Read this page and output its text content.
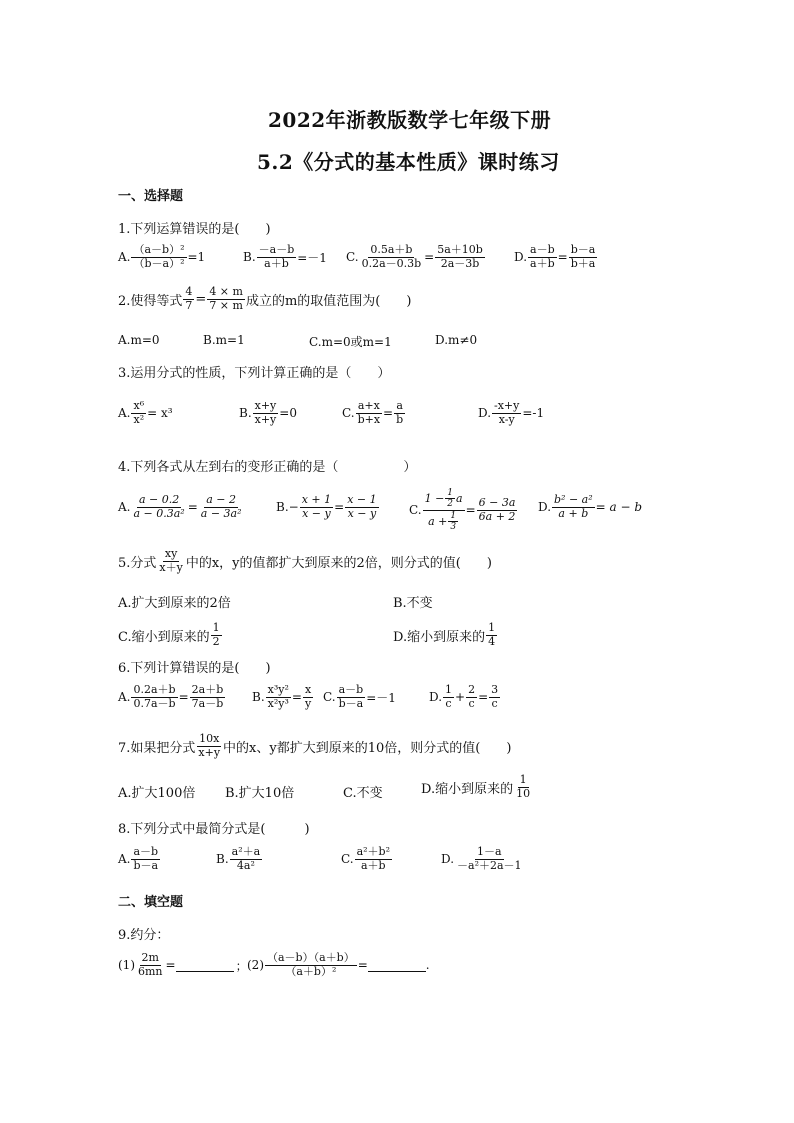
2022年浙教版数学七年级下册
5.2《分式的基本性质》课时练习
一、选择题
1.下列运算错误的是(　　)
A. $\frac{\text{（a－b）²}}{\text{（b－a）²}} =1$	B. $\frac{-a-b}{a+b} =-1$ C. $\frac{0.5a+b}{0.2a-0.3b} = \frac{5a+10b}{2a-3b} D$. $\frac{a-b}{a+b} = \frac{b-a}{b+a}$
2.使得等式 $\frac{4}{7} = \frac{4 \times m}{7 \times m}$ 成立的m的取值范围为(　　)
A.m=0	B.m=1	C.m=0或m=1	D.m≠0
3.运用分式的性质，下列计算正确的是（　　）
A. $\frac{\text{x⁶}}{\text{x²}} = x^3$	B. $\frac{x+y}{x+y} =0$	C. $\frac{a+x}{b+x} = \frac{a}{b}$	D. $\frac{-x+y}{x-y} =-1$
4.下列各式从左到右的变形正确的是（　　　　　）
A. $\frac{a - 0.2}{\text{a − 0.3a²}} = \frac{a - 2}{\text{a − 3a²}}$	B. − $\frac{x + 1}{x - y} = \frac{x - 1}{x - y}$	C. $\frac{1 - \frac{1}{2} a}{a + \frac{1}{3}} = \frac{6 - 3a}{6a + 2} D$. $\frac{\text{b² − a²}}{a + b} = a - b$
5.分式 $\frac{xy}{x+y}$ 中的x，y的值都扩大到原来的2倍，则分式的值(　　)
A.扩大到原来的2倍	B.不变
C.缩小到原来的 $\frac{1}{2}$	D.缩小到原来的 $\frac{1}{4}$
6.下列计算错误的是(　　)
A. $\frac{0.2a+b}{0.7a-b} = \frac{2a+b}{7a-b} B$. $\frac{\text{x³y²}}{\text{x²y³}} = \frac{x}{y} C$. $\frac{a-b}{b-a} =-1$	D. $\frac{1}{c} + \frac{2}{c} = \frac{3}{c}$
7.如果把分式 $\frac{10x}{x+y}$ 中的x、y都扩大到原来的10倍，则分式的值(　　)
A.扩大100倍 B.扩大10倍	C.不变	D.缩小到原来的 $\frac{1}{10}$
8.下列分式中最简分式是(　　　)
A. $\frac{a-b}{b-a}$	B. $\frac{\text{a²＋a}}{\text{4a²}}$	C. $\frac{\text{a²＋b²}}{a+b}$	D. $\frac{1-a}{\text{－a²＋2a－1}}$
二、填空题
9.约分：
$(1) \frac{2m}{6mn}$ =	； $(2) \frac{(a-b)(a+b)}{\text{（a＋b）²}}$ =	.
